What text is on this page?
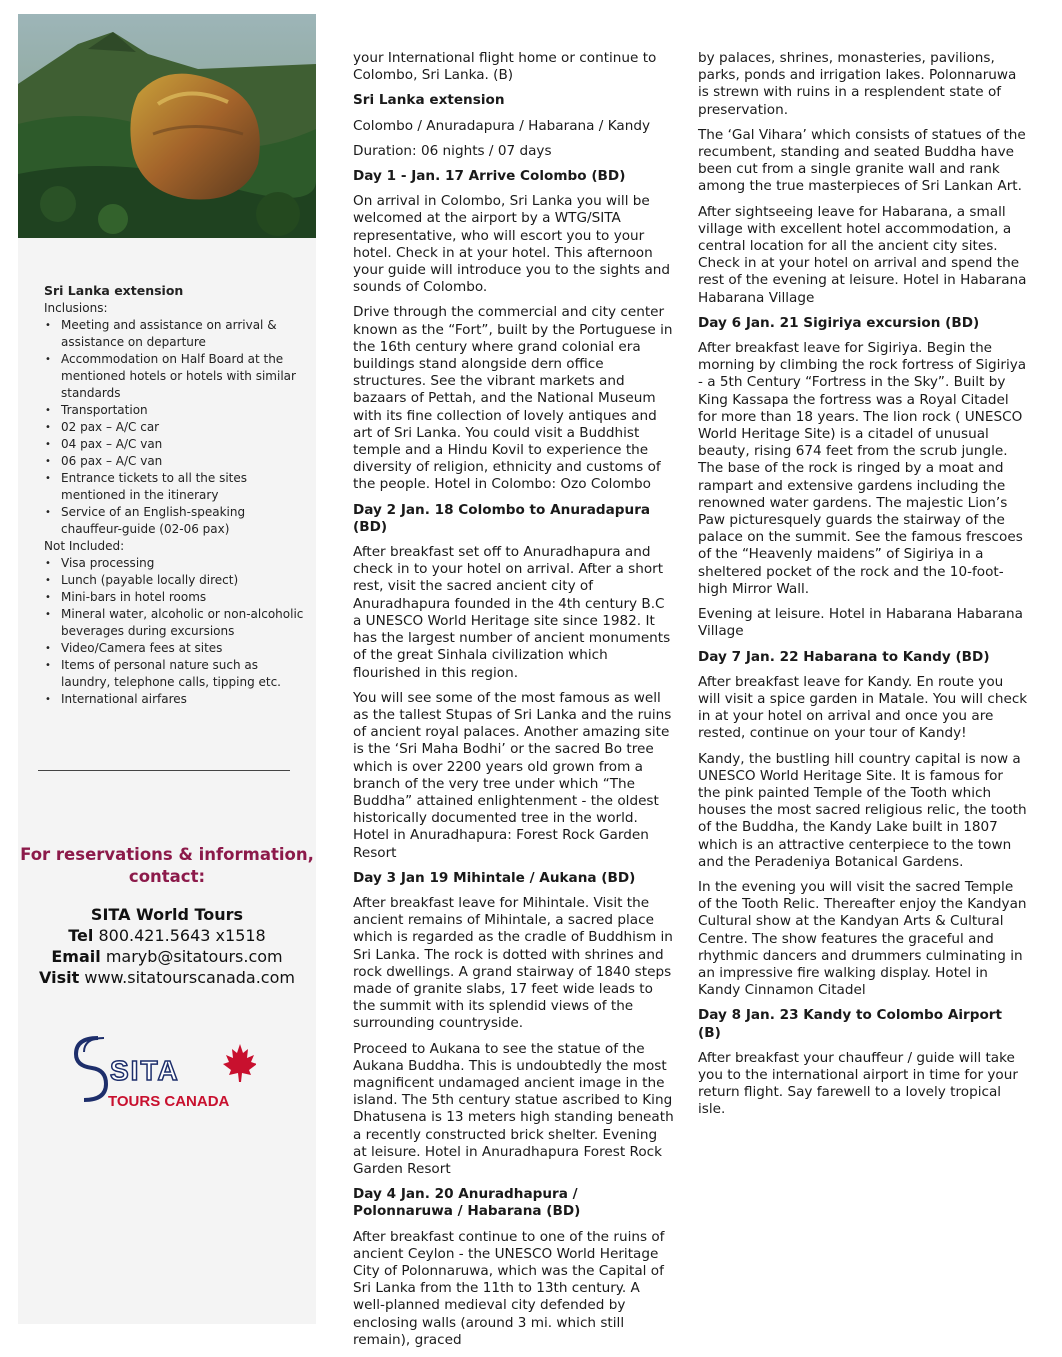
Sri Lanka extension

Inclusions:

• Meeting and assistance on arrival & assistance on departure
• Accommodation on Half Board at the mentioned hotels or hotels with similar standards
• Transportation
• 02 pax – A/C car
• 04 pax – A/C van
• 06 pax – A/C van
• Entrance tickets to all the sites mentioned in the itinerary
• Service of an English-speaking chauffeur-guide (02-06 pax)

Not Included:

• Visa processing
• Lunch (payable locally direct)
• Mini-bars in hotel rooms
• Mineral water, alcoholic or non-alcoholic beverages during excursions
• Video/Camera fees at sites
• Items of personal nature such as laundry, telephone calls, tipping etc.
• International airfares
For reservations & information, contact:
SITA World Tours
Tel 800.421.5643 x1518
Email maryb@sitatours.com
Visit www.sitatourscanada.com
SITA
TOURS CANADA

your International flight home or continue to Colombo, Sri Lanka. (B)

Sri Lanka extension

Colombo / Anuradapura / Habarana / Kandy

Duration: 06 nights / 07 days

Day 1 - Jan. 17 Arrive Colombo (BD)

On arrival in Colombo, Sri Lanka you will be welcomed at the airport by a WTG/SITA representative, who will escort you to your hotel. Check in at your hotel. This afternoon your guide will introduce you to the sights and sounds of Colombo.

Drive through the commercial and city center known as the “Fort”, built by the Portuguese in the 16th century where grand colonial era buildings stand alongside dern office structures. See the vibrant markets and bazaars of Pettah, and the National Museum with its fine collection of lovely antiques and art of Sri Lanka. You could visit a Buddhist temple and a Hindu Kovil to experience the diversity of religion, ethnicity and customs of the people. Hotel in Colombo: Ozo Colombo

Day 2 Jan. 18 Colombo to Anuradapura (BD)

After breakfast set off to Anuradhapura and check in to your hotel on arrival. After a short rest, visit the sacred ancient city of Anuradhapura founded in the 4th century B.C a UNESCO World Heritage site since 1982. It has the largest number of ancient monuments of the great Sinhala civilization which flourished in this region.

You will see some of the most famous as well as the tallest Stupas of Sri Lanka and the ruins of ancient royal palaces. Another amazing site is the ‘Sri Maha Bodhi’ or the sacred Bo tree which is over 2200 years old grown from a branch of the very tree under which “The Buddha” attained enlightenment - the oldest historically documented tree in the world. Hotel in Anuradhapura: Forest Rock Garden Resort

Day 3 Jan 19 Mihintale / Aukana (BD)

After breakfast leave for Mihintale. Visit the ancient remains of Mihintale, a sacred place which is regarded as the cradle of Buddhism in Sri Lanka. The rock is dotted with shrines and rock dwellings. A grand stairway of 1840 steps made of granite slabs, 17 feet wide leads to the summit with its splendid views of the surrounding countryside.

Proceed to Aukana to see the statue of the Aukana Buddha. This is undoubtedly the most magnificent undamaged ancient image in the island. The 5th century statue ascribed to King Dhatusena is 13 meters high standing beneath a recently constructed brick shelter. Evening at leisure. Hotel in Anuradhapura Forest Rock Garden Resort

Day 4 Jan. 20 Anuradhapura / Polonnaruwa / Habarana (BD)

After breakfast continue to one of the ruins of ancient Ceylon - the UNESCO World Heritage City of Polonnaruwa, which was the Capital of Sri Lanka from the 11th to 13th century. A well-planned medieval city defended by enclosing walls (around 3 mi. which still remain), graced

by palaces, shrines, monasteries, pavilions, parks, ponds and irrigation lakes. Polonnaruwa is strewn with ruins in a resplendent state of preservation.

The ‘Gal Vihara’ which consists of statues of the recumbent, standing and seated Buddha have been cut from a single granite wall and rank among the true masterpieces of Sri Lankan Art.

After sightseeing leave for Habarana, a small village with excellent hotel accommodation, a central location for all the ancient city sites. Check in at your hotel on arrival and spend the rest of the evening at leisure. Hotel in Habarana Habarana Village

Day 6 Jan. 21 Sigiriya excursion (BD)

After breakfast leave for Sigiriya. Begin the morning by climbing the rock fortress of Sigiriya - a 5th Century “Fortress in the Sky”. Built by King Kassapa the fortress was a Royal Citadel for more than 18 years. The lion rock ( UNESCO World Heritage Site) is a citadel of unusual beauty, rising 674 feet from the scrub jungle. The base of the rock is ringed by a moat and rampart and extensive gardens including the renowned water gardens. The majestic Lion’s Paw picturesquely guards the stairway of the palace on the summit. See the famous frescoes of the “Heavenly maidens” of Sigiriya in a sheltered pocket of the rock and the 10-foot-high Mirror Wall.

Evening at leisure. Hotel in Habarana Habarana Village

Day 7 Jan. 22 Habarana to Kandy (BD)

After breakfast leave for Kandy. En route you will visit a spice garden in Matale. You will check in at your hotel on arrival and once you are rested, continue on your tour of Kandy!

Kandy, the bustling hill country capital is now a UNESCO World Heritage Site. It is famous for the pink painted Temple of the Tooth which houses the most sacred religious relic, the tooth of the Buddha, the Kandy Lake built in 1807 which is an attractive centerpiece to the town and the Peradeniya Botanical Gardens.

In the evening you will visit the sacred Temple of the Tooth Relic. Thereafter enjoy the Kandyan Cultural show at the Kandyan Arts & Cultural Centre. The show features the graceful and rhythmic dancers and drummers culminating in an impressive fire walking display. Hotel in Kandy Cinnamon Citadel

Day 8 Jan. 23 Kandy to Colombo Airport (B)

After breakfast your chauffeur / guide will take you to the international airport in time for your return flight. Say farewell to a lovely tropical isle.
